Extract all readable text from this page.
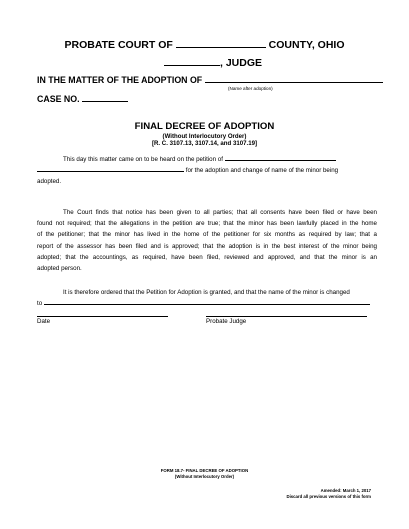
PROBATE COURT OF	COUNTY, OHIO
, JUDGE
IN THE MATTER OF THE ADOPTION OF
(Name after adoption)
CASE NO.
FINAL DECREE OF ADOPTION
(Without Interlocutory Order)
[R. C. 3107.13, 3107.14, and 3107.19]
This day this matter came on to be heard on the petition of
for the adoption and change of name of the minor being
adopted.
The Court finds that notice has been given to all parties; that all consents have been filed or have been
found not required; that the allegations in the petition are true; that the minor has been lawfully placed in the home
of the petitioner; that the minor has lived in the home of the petitioner for six months as required by law; that a
report of the assessor has been filed and is approved; that the adoption is in the best interest of the minor being
adopted; that the accountings, as required, have been filed, reviewed and approved, and that the minor is an
adopted person.
It is therefore ordered that the Petition for Adoption is granted, and that the name of the minor is changed
to
Date	Probate Judge
FORM 18.7- FINAL DECREE OF ADOPTION
(Without Interlocutory Order)
Amended: March 1, 2017
Discard all previous versions of this form
